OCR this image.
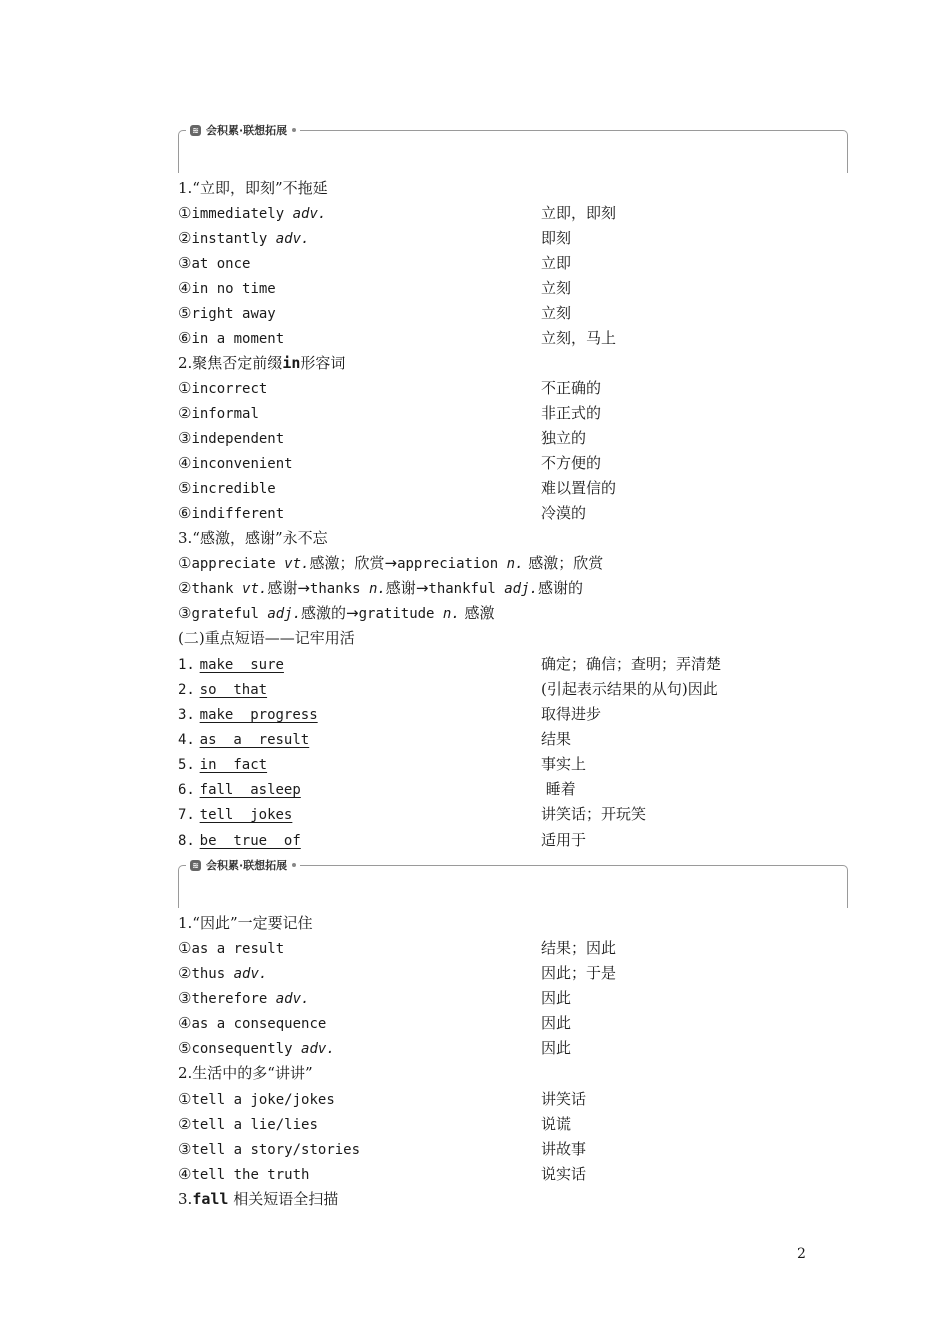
≋ 会积累·联想拓展
1.“立即，即刻”不拖延
①immediately adv.	立即，即刻
②instantly adv.	即刻
③at once	立即
④in no time	立刻
⑤right away	立刻
⑥in a moment	立刻，马上
2.聚焦否定前缀in形容词
①incorrect	不正确的
②informal	非正式的
③independent	独立的
④inconvenient	不方便的
⑤incredible	难以置信的
⑥indifferent	冷漠的
3.“感激，感谢”永不忘
①appreciate vt.感激；欣赏→appreciation n. 感激；欣赏
②thank vt.感谢→thanks n.感谢→thankful adj.感谢的
③grateful adj.感激的→gratitude n. 感激
(二)重点短语——记牢用活
1. make  sure	确定；确信；查明；弄清楚
2. so  that	(引起表示结果的从句)因此
3. make  progress	取得进步
4. as  a  result	结果
5. in  fact	事实上
6. fall  asleep	睡着
7. tell  jokes	讲笑话；开玩笑
8. be  true  of	适用于
≋ 会积累·联想拓展
1.“因此”一定要记住
①as a result	结果；因此
②thus adv.	因此；于是
③therefore adv.	因此
④as a consequence	因此
⑤consequently adv.	因此
2.生活中的多“讲讲”
①tell a joke/jokes	讲笑话
②tell a lie/lies	说谎
③tell a story/stories	讲故事
④tell the truth	说实话
3.fall 相关短语全扫描
2
